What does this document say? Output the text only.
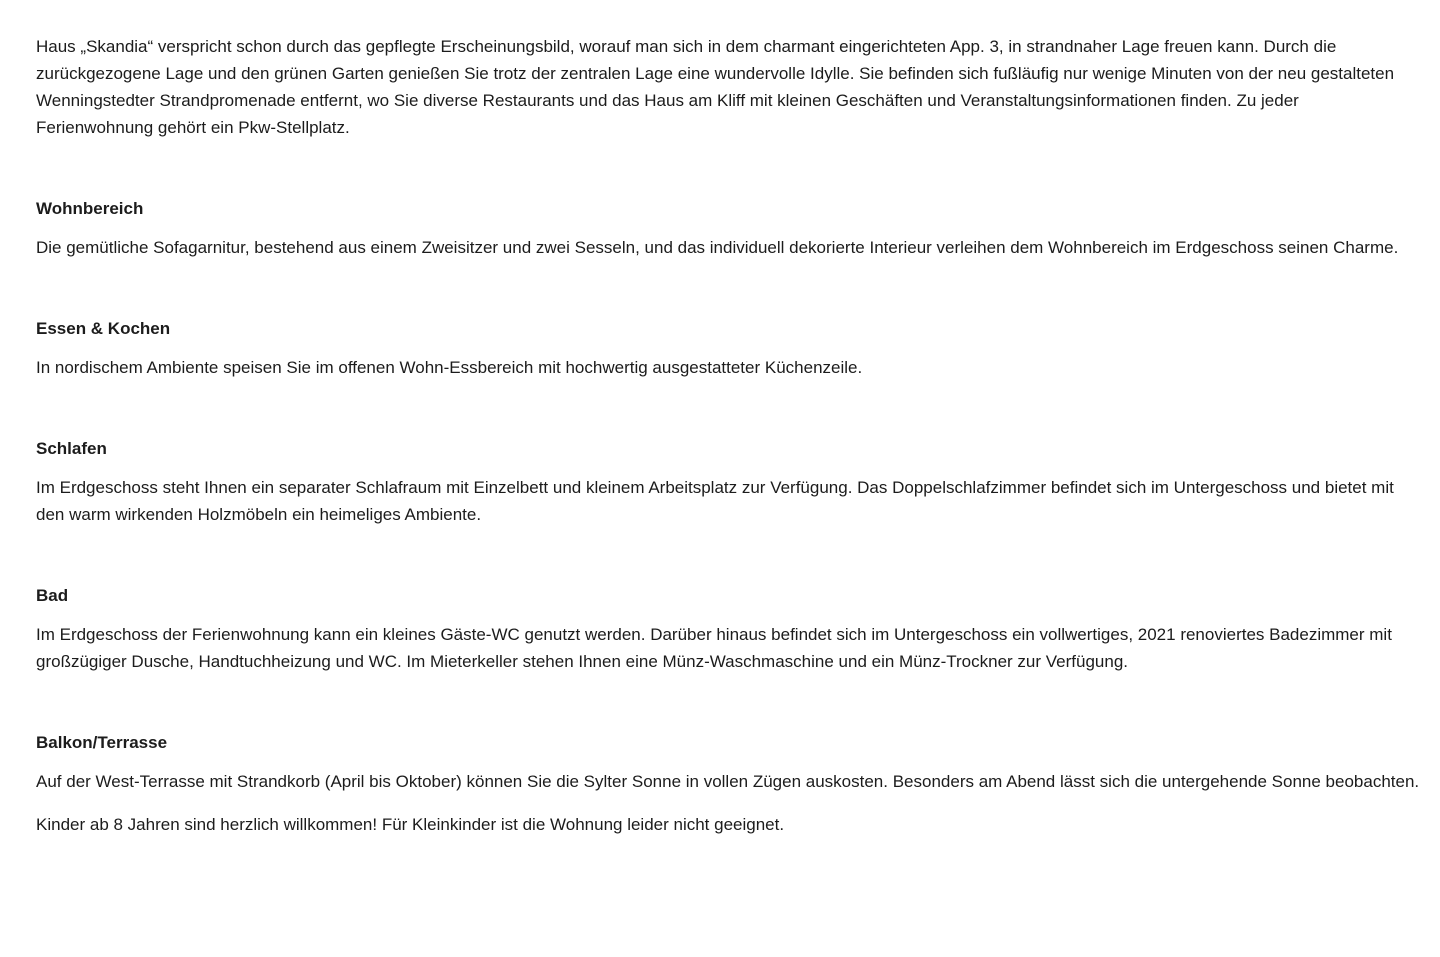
Haus „Skandia“ verspricht schon durch das gepflegte Erscheinungsbild, worauf man sich in dem charmant eingerichteten App. 3, in strandnaher Lage freuen kann. Durch die zurückgezogene Lage und den grünen Garten genießen Sie trotz der zentralen Lage eine wundervolle Idylle. Sie befinden sich fußläufig nur wenige Minuten von der neu gestalteten Wenningstedter Strandpromenade entfernt, wo Sie diverse Restaurants und das Haus am Kliff mit kleinen Geschäften und Veranstaltungsinformationen finden. Zu jeder Ferienwohnung gehört ein Pkw-Stellplatz.

Wohnbereich

Die gemütliche Sofagarnitur, bestehend aus einem Zweisitzer und zwei Sesseln, und das individuell dekorierte Interieur verleihen dem Wohnbereich im Erdgeschoss seinen Charme.

Essen & Kochen

In nordischem Ambiente speisen Sie im offenen Wohn-Essbereich mit hochwertig ausgestatteter Küchenzeile.

Schlafen

Im Erdgeschoss steht Ihnen ein separater Schlafraum mit Einzelbett und kleinem Arbeitsplatz zur Verfügung. Das Doppelschlafzimmer befindet sich im Untergeschoss und bietet mit den warm wirkenden Holzmöbeln ein heimeliges Ambiente.

Bad

Im Erdgeschoss der Ferienwohnung kann ein kleines Gäste-WC genutzt werden. Darüber hinaus befindet sich im Untergeschoss ein vollwertiges, 2021 renoviertes Badezimmer mit großzügiger Dusche, Handtuchheizung und WC. Im Mieterkeller stehen Ihnen eine Münz-Waschmaschine und ein Münz-Trockner zur Verfügung.

Balkon/Terrasse

Auf der West-Terrasse mit Strandkorb (April bis Oktober) können Sie die Sylter Sonne in vollen Zügen auskosten. Besonders am Abend lässt sich die untergehende Sonne beobachten.

Kinder ab 8 Jahren sind herzlich willkommen! Für Kleinkinder ist die Wohnung leider nicht geeignet.
